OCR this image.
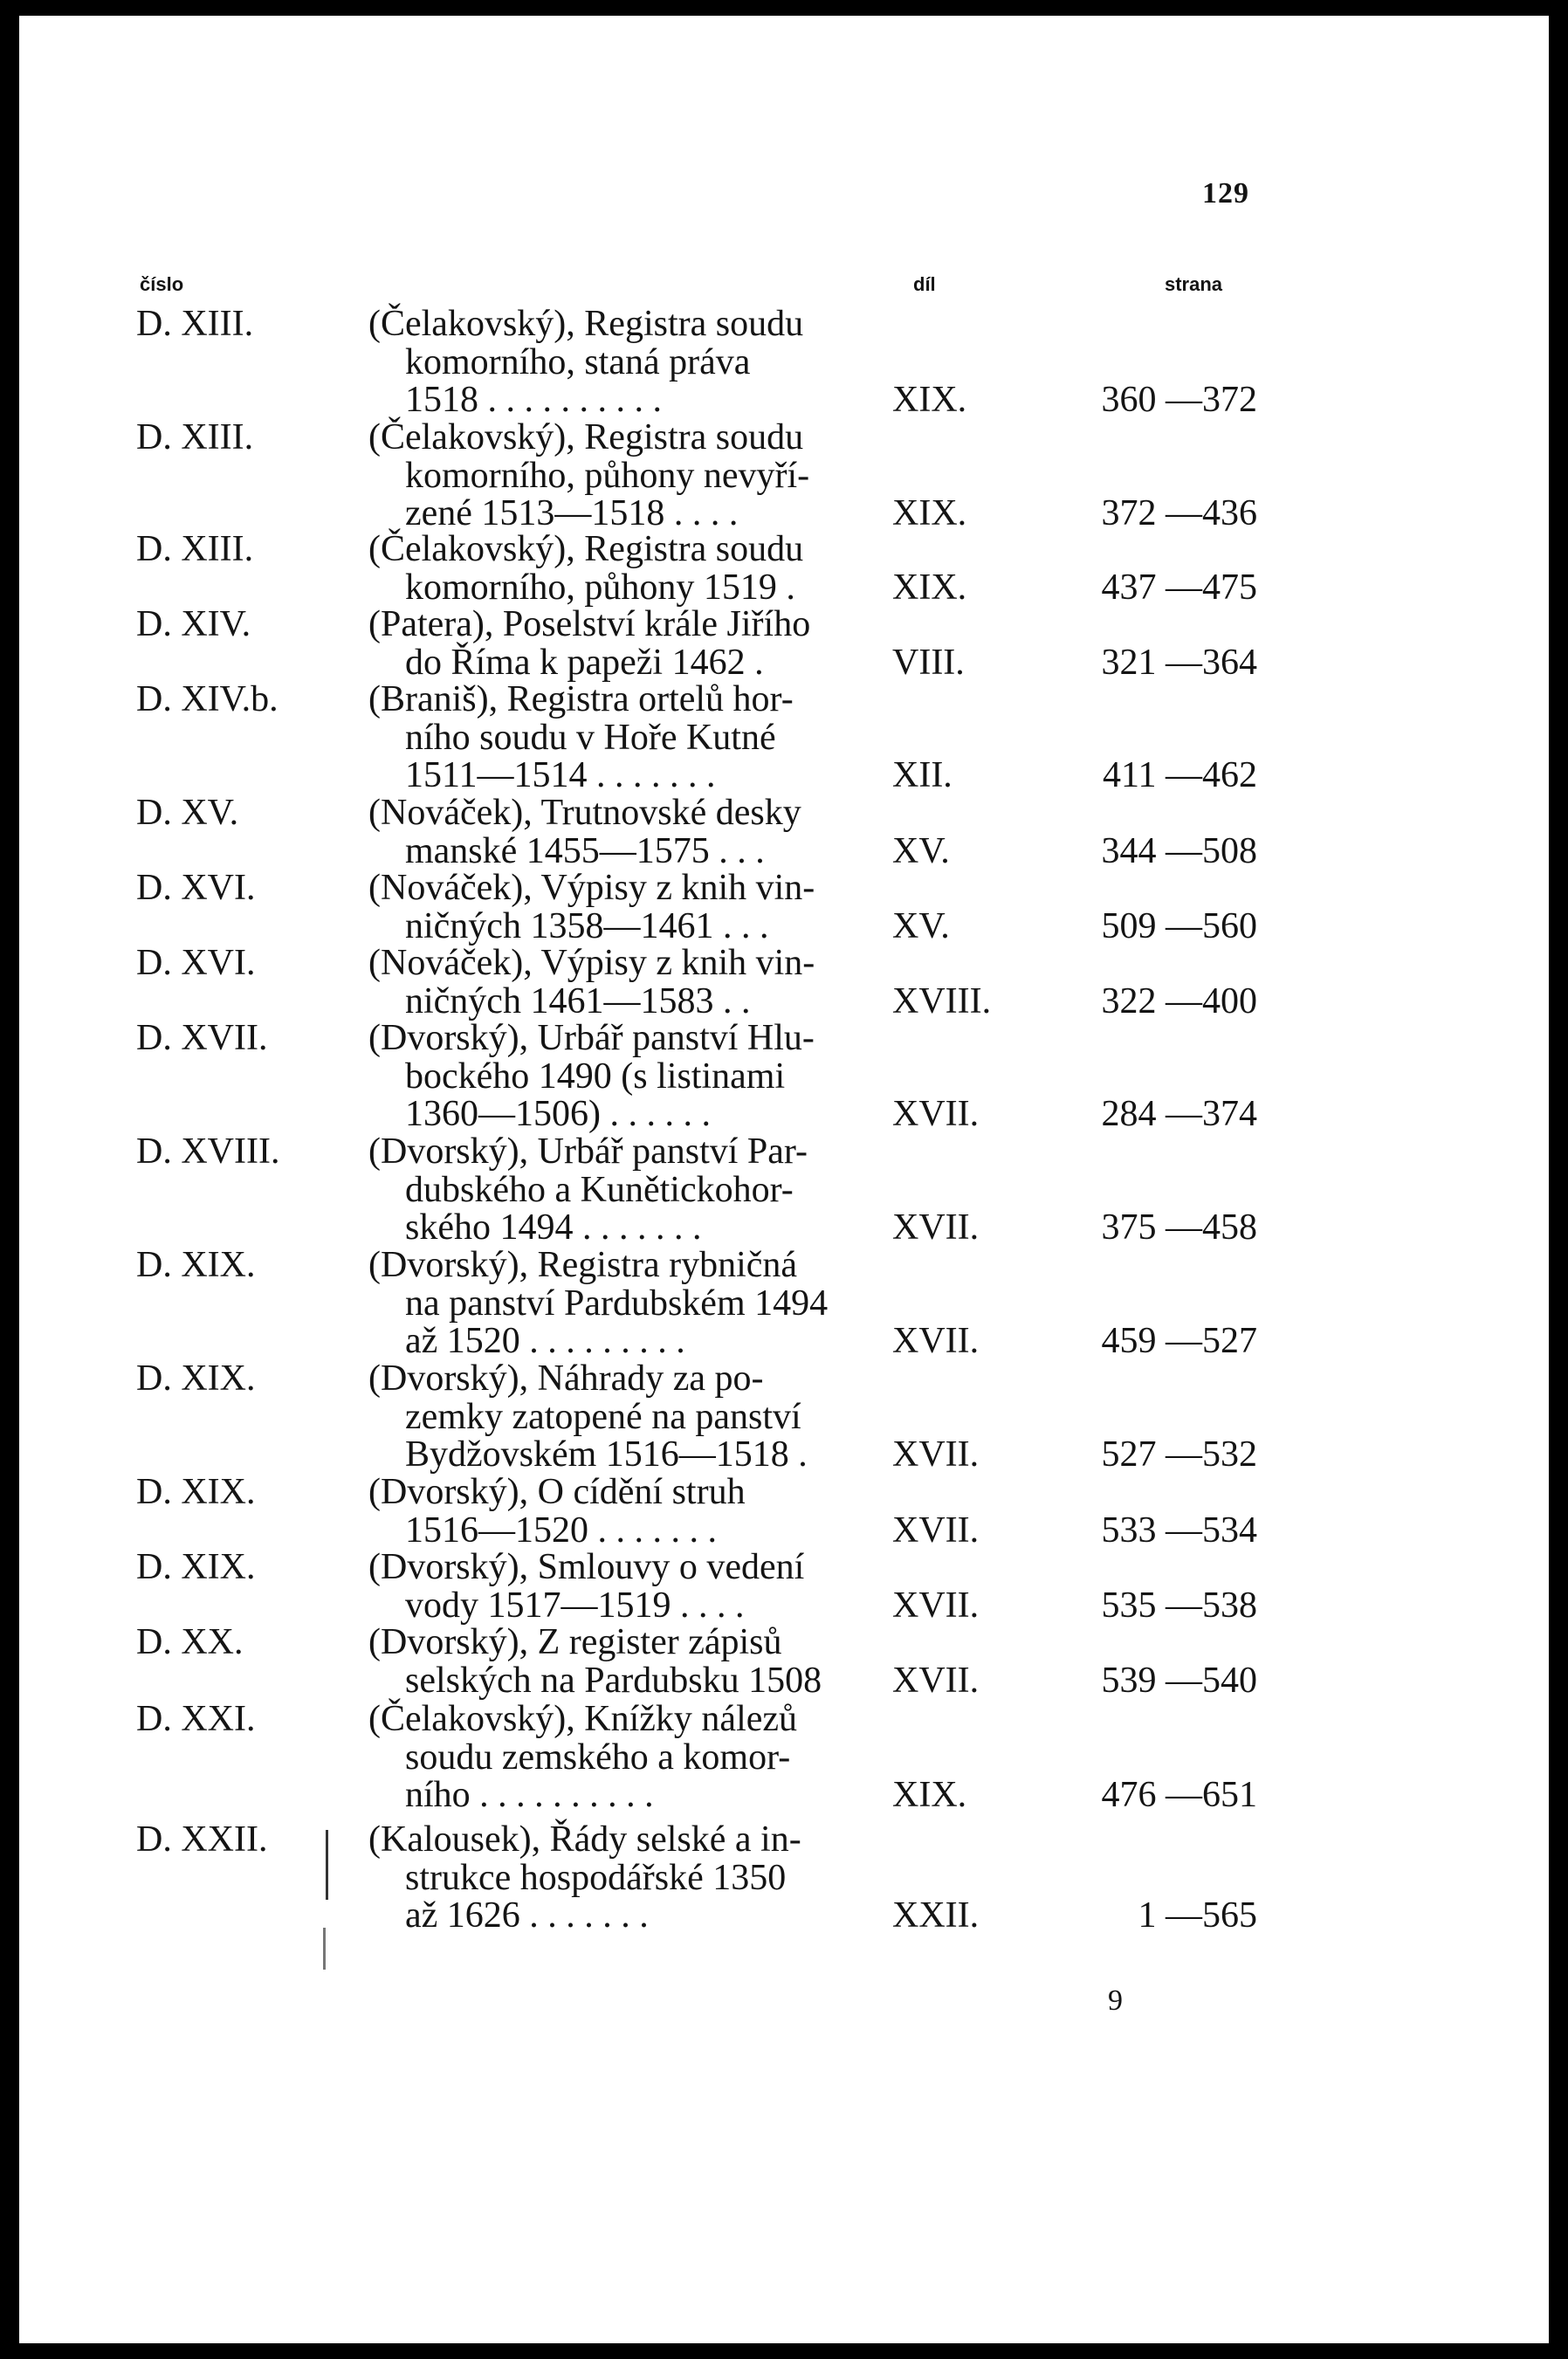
129
číslo	díl	strana
D. XIII.	(Čelakovský), Registra soudu
komorního, staná práva
1518 . . . . . . . . . .	XIX.	360 —372
D. XIII.	(Čelakovský), Registra soudu
komorního, půhony nevyří-
zené 1513—1518 . . . .	XIX.	372 —436
D. XIII.	(Čelakovský), Registra soudu
komorního, půhony 1519 .	XIX.	437 —475
D. XIV.	(Patera), Poselství krále Jiřího
do Říma k papeži 1462 .	VIII.	321 —364
D. XIV.b. (Braniš), Registra ortelů hor-
ního soudu v Hoře Kutné
1511—1514 . . . . . . .	XII.	411 —462
D. XV.	(Nováček), Trutnovské desky
manské 1455—1575 . . .	XV.	344 —508
D. XVI.	(Nováček), Výpisy z knih vin-
ničných 1358—1461 . . .	XV.	509 —560
D. XVI.	(Nováček), Výpisy z knih vin-
ničných 1461—1583 . .	XVIII.	322 —400
D. XVII.	(Dvorský), Urbář panství Hlu-
bockého 1490 (s listinami
1360—1506) . . . . . .	XVII.	284 —374
D. XVIII. (Dvorský), Urbář panství Par-
dubského a Kunětickohor-
ského 1494 . . . . . . .	XVII.	375 —458
D. XIX.	(Dvorský), Registra rybničná
na panství Pardubském 1494
až 1520 . . . . . . . . .	XVII.	459 —527
D. XIX.	(Dvorský), Náhrady za po-
zemky zatopené na panství
Bydžovském 1516—1518 .	XVII.	527 —532
D. XIX.	(Dvorský), O cídění struh
1516—1520 . . . . . . .	XVII.	533 —534
D. XIX.	(Dvorský), Smlouvy o vedení
vody 1517—1519 . . . .	XVII.	535 —538
D. XX.	(Dvorský), Z register zápisů
selských na Pardubsku 1508	XVII.	539 —540
D. XXI.	(Čelakovský), Knížky nálezů
soudu zemského a komor-
ního . . . . . . . . . .	XIX.	476 —651
D. XXII.	(Kalousek), Řády selské a in-
strukce hospodářské 1350
až 1626 . . . . . . .	XXII.	1 —565
9
